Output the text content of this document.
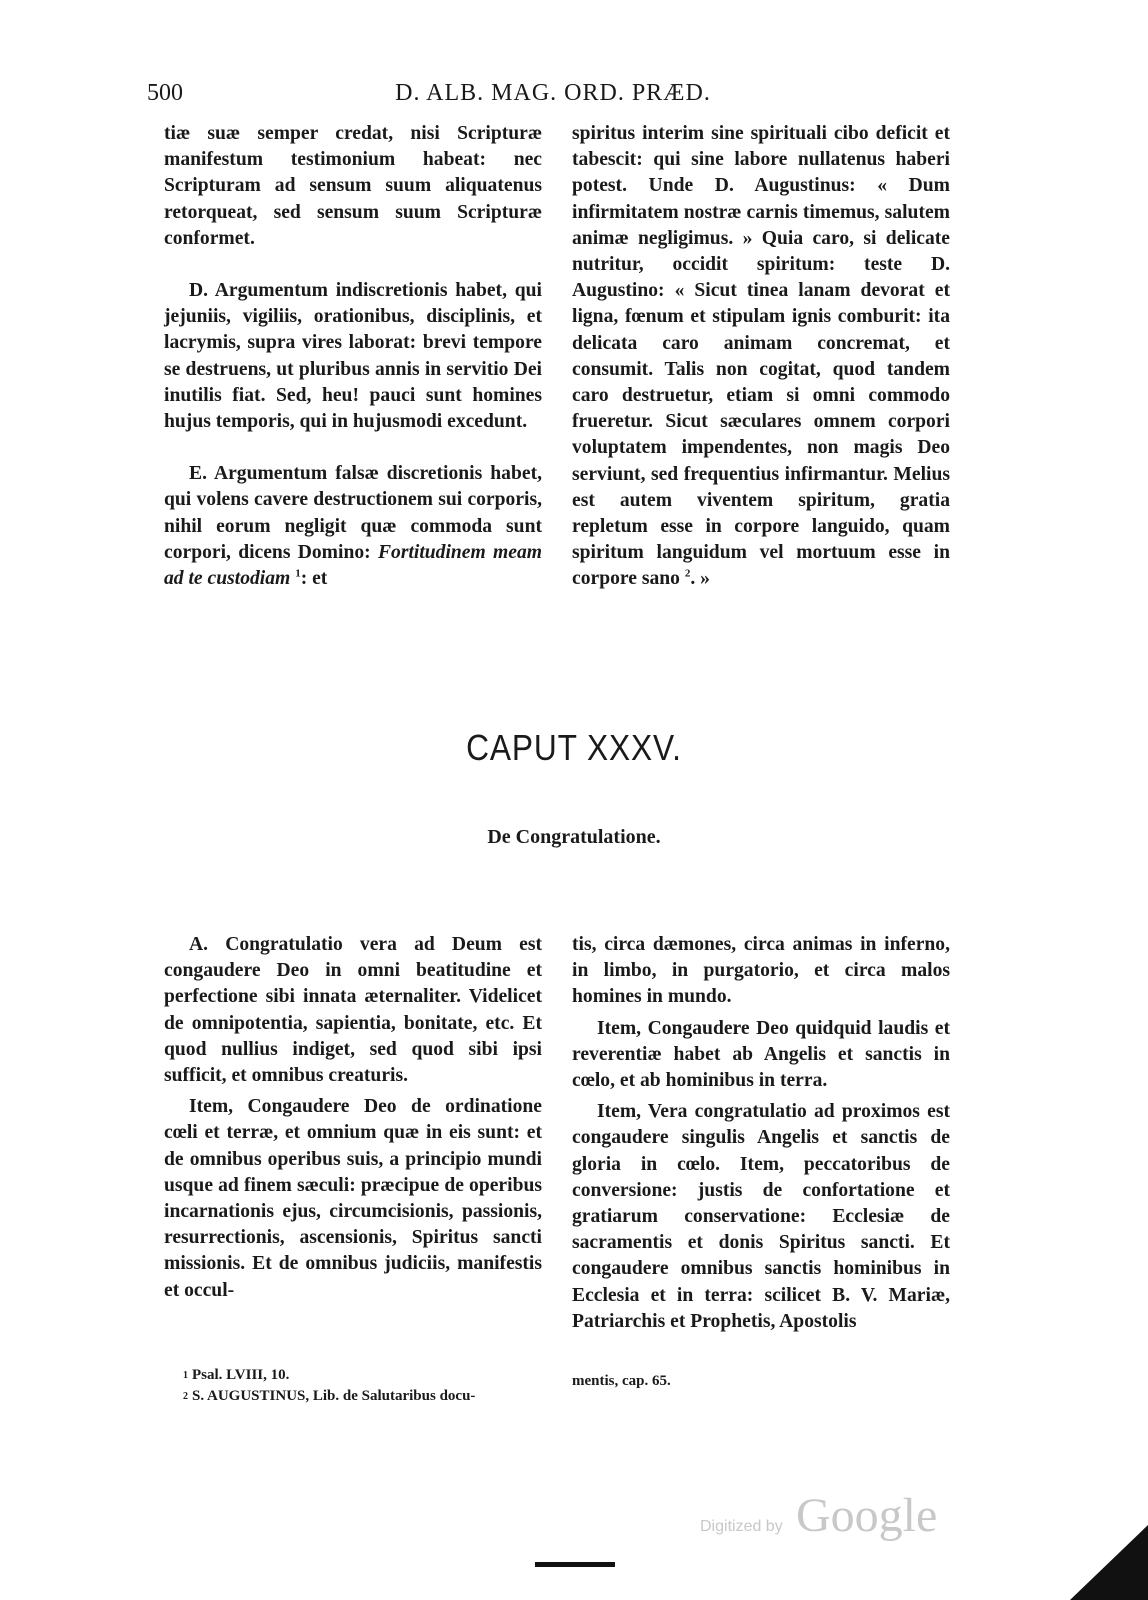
500	D. ALB. MAG. ORD. PRÆD.

tiæ suæ semper credat, nisi Scripturæ manifestum testimonium habeat: nec Scripturam ad sensum suum aliquatenus retorqueat, sed sensum suum Scripturæ conformet.

D. Argumentum indiscretionis habet, qui jejuniis, vigiliis, orationibus, disciplinis, et lacrymis, supra vires laborat: brevi tempore se destruens, ut pluribus annis in servitio Dei inutilis fiat. Sed, heu! pauci sunt homines hujus temporis, qui in hujusmodi excedunt.

E. Argumentum falsæ discretionis habet, qui volens cavere destructionem sui corporis, nihil eorum negligit quæ commoda sunt corpori, dicens Domino: Fortitudinem meam ad te custodiam $^1$: et

spiritus interim sine spirituali cibo deficit et tabescit: qui sine labore nullatenus haberi potest. Unde D. Augustinus: « Dum infirmitatem nostræ carnis timemus, salutem animæ negligimus. » Quia caro, si delicate nutritur, occidit spiritum: teste D. Augustino: « Sicut tinea lanam devorat et ligna, fœnum et stipulam ignis comburit: ita delicata caro animam concremat, et consumit. Talis non cogitat, quod tandem caro destruetur, etiam si omni commodo frueretur. Sicut sæculares omnem corpori voluptatem impendentes, non magis Deo serviunt, sed frequentius infirmantur. Melius est autem viventem spiritum, gratia repletum esse in corpore languido, quam spiritum languidum vel mortuum esse in corpore sano $^2$. »

CAPUT XXXV.
De Congratulatione.

A. Congratulatio vera ad Deum est congaudere Deo in omni beatitudine et perfectione sibi innata æternaliter. Videlicet de omnipotentia, sapientia, bonitate, etc. Et quod nullius indiget, sed quod sibi ipsi sufficit, et omnibus creaturis.

Item, Congaudere Deo de ordinatione cœli et terræ, et omnium quæ in eis sunt: et de omnibus operibus suis, a principio mundi usque ad finem sæculi: præcipue de operibus incarnationis ejus, circumcisionis, passionis, resurrectionis, ascensionis, Spiritus sancti missionis. Et de omnibus judiciis, manifestis et occul-

tis, circa dæmones, circa animas in inferno, in limbo, in purgatorio, et circa malos homines in mundo.

Item, Congaudere Deo quidquid laudis et reverentiæ habet ab Angelis et sanctis in cœlo, et ab hominibus in terra.

Item, Vera congratulatio ad proximos est congaudere singulis Angelis et sanctis de gloria in cœlo. Item, peccatoribus de conversione: justis de confortatione et gratiarum conservatione: Ecclesiæ de sacramentis et donis Spiritus sancti. Et congaudere omnibus sanctis hominibus in Ecclesia et in terra: scilicet B. V. Mariæ, Patriarchis et Prophetis, Apostolis

$^1$ Psal. LVIII, 10.
$^2$ S. AUGUSTINUS, Lib. de Salutaribus docu-
mentis, cap. 65.
Digitized by Google
